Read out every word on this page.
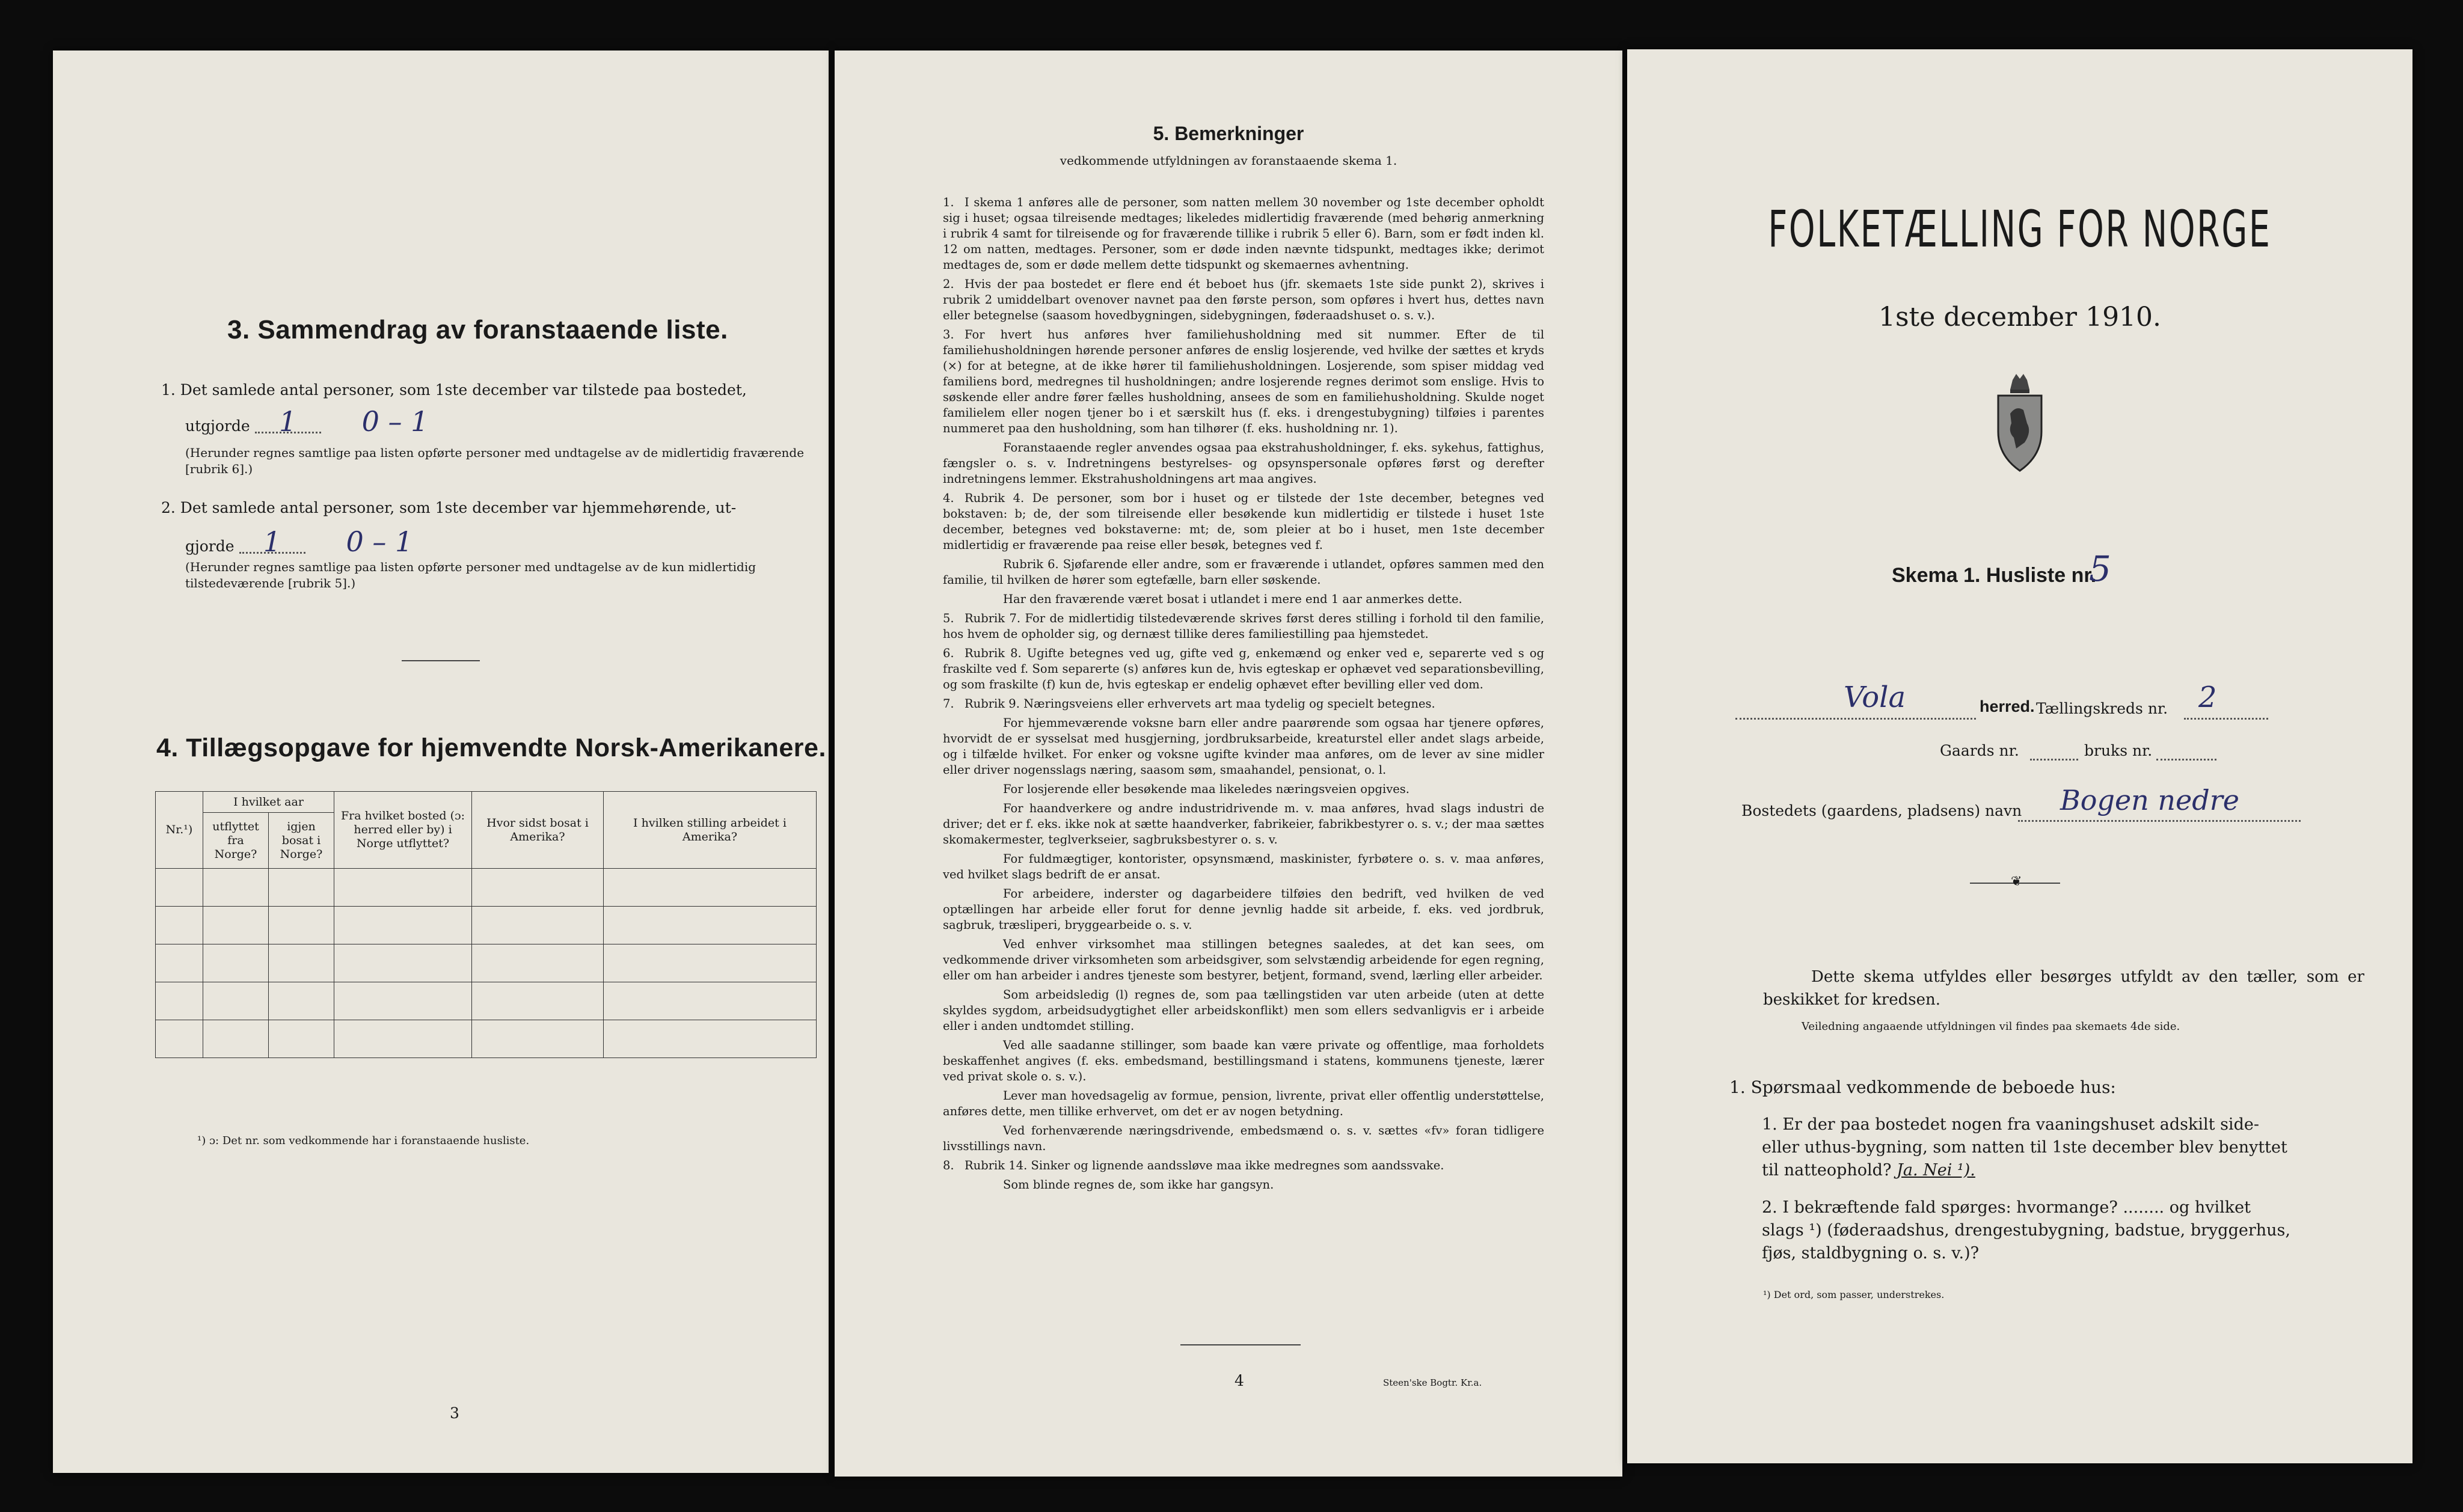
3. Sammendrag av foranstaaende liste.
1. Det samlede antal personer, som 1ste december var tilstede paa bostedet,
utgjorde 1 0 – 1
(Herunder regnes samtlige paa listen opførte personer med undtagelse av de midlertidig fraværende [rubrik 6].)
2. Det samlede antal personer, som 1ste december var hjemmehørende, ut-
gjorde 1 0 – 1
(Herunder regnes samtlige paa listen opførte personer med undtagelse av de kun midlertidig tilstedeværende [rubrik 5].)
4. Tillægsopgave for hjemvendte Norsk-Amerikanere.
Nr.¹)	I hvilket aar		Fra hvilket bosted (ɔ: herred eller by) i Norge utflyttet?	Hvor sidst bosat i Amerika?	I hvilken stilling arbeidet i Amerika?
	utflyttet fra Norge?	igjen bosat i Norge?			

¹) ɔ: Det nr. som vedkommende har i foranstaaende husliste.
3
5. Bemerkninger
vedkommende utfyldningen av foranstaaende skema 1.

1. I skema 1 anføres alle de personer, som natten mellem 30 november og 1ste december opholdt sig i huset; ogsaa tilreisende medtages; likeledes midlertidig fraværende (med behørig anmerkning i rubrik 4 samt for tilreisende og for fraværende tillike i rubrik 5 eller 6). Barn, som er født inden kl. 12 om natten, medtages. Personer, som er døde inden nævnte tidspunkt, medtages ikke; derimot medtages de, som er døde mellem dette tidspunkt og skemaernes avhentning.

2. Hvis der paa bostedet er flere end ét beboet hus (jfr. skemaets 1ste side punkt 2), skrives i rubrik 2 umiddelbart ovenover navnet paa den første person, som opføres i hvert hus, dettes navn eller betegnelse (saasom hovedbygningen, sidebygningen, føderaadshuset o. s. v.).

3. For hvert hus anføres hver familiehusholdning med sit nummer. Efter de til familiehusholdningen hørende personer anføres de enslig losjerende, ved hvilke der sættes et kryds (×) for at betegne, at de ikke hører til familiehusholdningen. Losjerende, som spiser middag ved familiens bord, medregnes til husholdningen; andre losjerende regnes derimot som enslige. Hvis to søskende eller andre fører fælles husholdning, ansees de som en familiehusholdning. Skulde noget familielem eller nogen tjener bo i et særskilt hus (f. eks. i drengestubygning) tilføies i parentes nummeret paa den husholdning, som han tilhører (f. eks. husholdning nr. 1).

Foranstaaende regler anvendes ogsaa paa ekstrahusholdninger, f. eks. sykehus, fattighus, fængsler o. s. v. Indretningens bestyrelses- og opsynspersonale opføres først og derefter indretningens lemmer. Ekstrahusholdningens art maa angives.

4. Rubrik 4. De personer, som bor i huset og er tilstede der 1ste december, betegnes ved bokstaven: b; de, der som tilreisende eller besøkende kun midlertidig er tilstede i huset 1ste december, betegnes ved bokstaverne: mt; de, som pleier at bo i huset, men 1ste december midlertidig er fraværende paa reise eller besøk, betegnes ved f.

Rubrik 6. Sjøfarende eller andre, som er fraværende i utlandet, opføres sammen med den familie, til hvilken de hører som egtefælle, barn eller søskende.

Har den fraværende været bosat i utlandet i mere end 1 aar anmerkes dette.

5. Rubrik 7. For de midlertidig tilstedeværende skrives først deres stilling i forhold til den familie, hos hvem de opholder sig, og dernæst tillike deres familiestilling paa hjemstedet.

6. Rubrik 8. Ugifte betegnes ved ug, gifte ved g, enkemænd og enker ved e, separerte ved s og fraskilte ved f. Som separerte (s) anføres kun de, hvis egteskap er ophævet ved separationsbevilling, og som fraskilte (f) kun de, hvis egteskap er endelig ophævet efter bevilling eller ved dom.

7. Rubrik 9. Næringsveiens eller erhvervets art maa tydelig og specielt betegnes.

For hjemmeværende voksne barn eller andre paarørende som ogsaa har tjenere opføres, hvorvidt de er sysselsat med husgjerning, jordbruksarbeide, kreaturstel eller andet slags arbeide, og i tilfælde hvilket. For enker og voksne ugifte kvinder maa anføres, om de lever av sine midler eller driver nogensslags næring, saasom søm, smaahandel, pensionat, o. l.

For losjerende eller besøkende maa likeledes næringsveien opgives.

For haandverkere og andre industridrivende m. v. maa anføres, hvad slags industri de driver; det er f. eks. ikke nok at sætte haandverker, fabrikeier, fabrikbestyrer o. s. v.; der maa sættes skomakermester, teglverkseier, sagbruksbestyrer o. s. v.

For fuldmægtiger, kontorister, opsynsmænd, maskinister, fyrbøtere o. s. v. maa anføres, ved hvilket slags bedrift de er ansat.

For arbeidere, inderster og dagarbeidere tilføies den bedrift, ved hvilken de ved optællingen har arbeide eller forut for denne jevnlig hadde sit arbeide, f. eks. ved jordbruk, sagbruk, træsliperi, bryggearbeide o. s. v.

Ved enhver virksomhet maa stillingen betegnes saaledes, at det kan sees, om vedkommende driver virksomheten som arbeidsgiver, som selvstændig arbeidende for egen regning, eller om han arbeider i andres tjeneste som bestyrer, betjent, formand, svend, lærling eller arbeider.

Som arbeidsledig (l) regnes de, som paa tællingstiden var uten arbeide (uten at dette skyldes sygdom, arbeidsudygtighet eller arbeidskonflikt) men som ellers sedvanligvis er i arbeide eller i anden undtomdet stilling.

Ved alle saadanne stillinger, som baade kan være private og offentlige, maa forholdets beskaffenhet angives (f. eks. embedsmand, bestillingsmand i statens, kommunens tjeneste, lærer ved privat skole o. s. v.).

Lever man hovedsagelig av formue, pension, livrente, privat eller offentlig understøttelse, anføres dette, men tillike erhvervet, om det er av nogen betydning.

Ved forhenværende næringsdrivende, embedsmænd o. s. v. sættes «fv» foran tidligere livsstillings navn.

8. Rubrik 14. Sinker og lignende aandssløve maa ikke medregnes som aandssvake.

Som blinde regnes de, som ikke har gangsyn.

4	Steen'ske Bogtr. Kr.a.
FOLKETÆLLING FOR NORGE
1ste december 1910.
Skema 1. Husliste nr.
5
Vola	herred. Tællingskreds nr. 2
Gaards nr.	bruks nr.
Bostedets (gaardens, pladsens) navn Bogen nedre
❦
Dette skema utfyldes eller besørges utfyldt av den tæller, som er beskikket for kredsen.
Veiledning angaaende utfyldningen vil findes paa skemaets 4de side.
1. Spørsmaal vedkommende de beboede hus:
1. Er der paa bostedet nogen fra vaaningshuset adskilt side- eller uthus-bygning, som natten til 1ste december blev benyttet til natteophold? Ja. Nei ¹).
2. I bekræftende fald spørges: hvormange? ........ og hvilket slags ¹) (føderaadshus, drengestubygning, badstue, bryggerhus, fjøs, staldbygning o. s. v.)?
¹) Det ord, som passer, understrekes.
